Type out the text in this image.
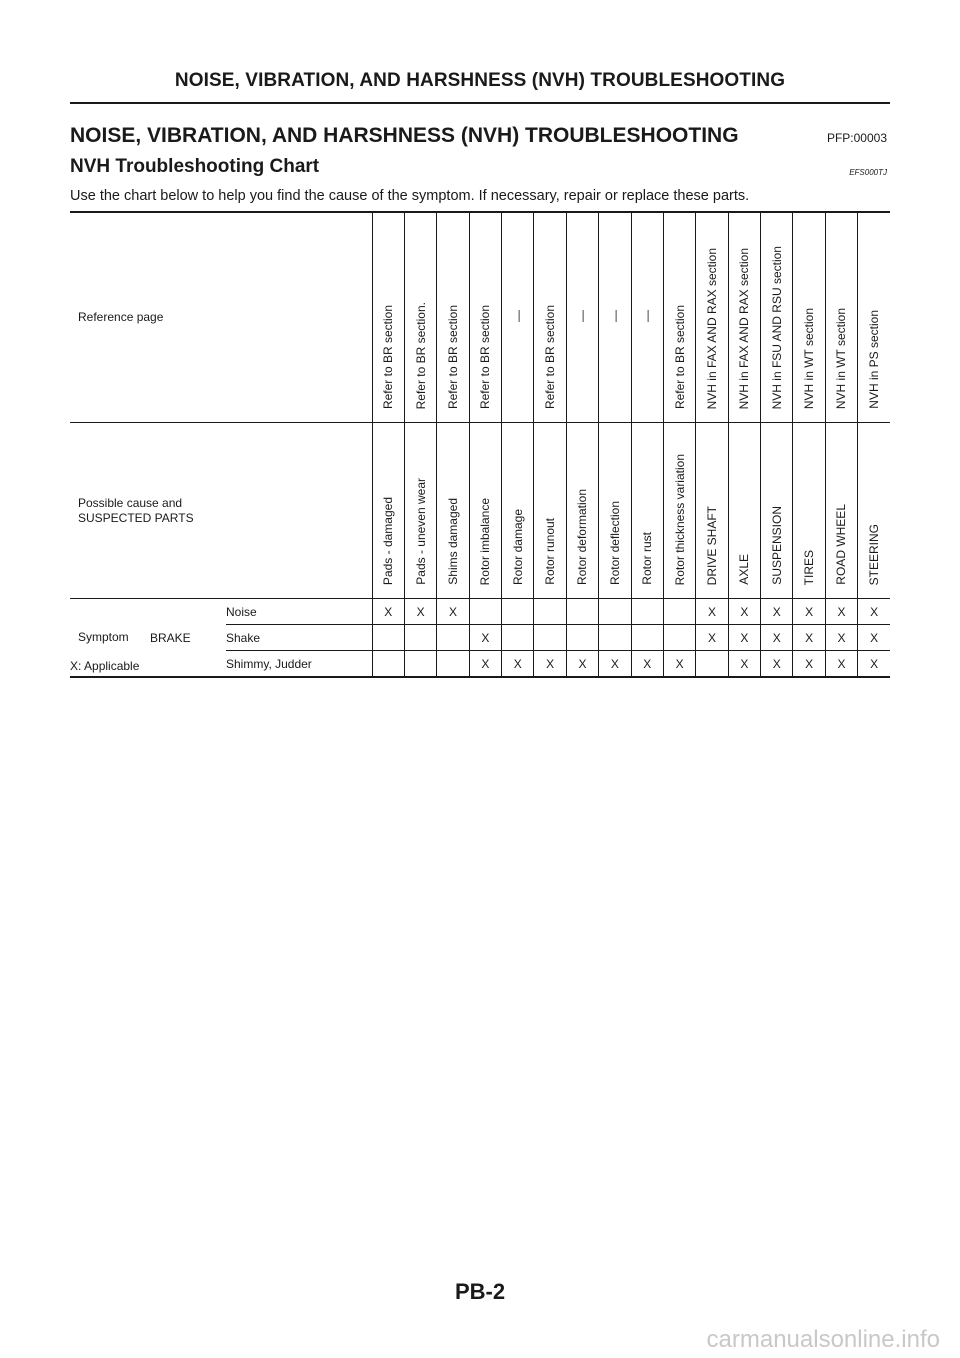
NOISE, VIBRATION, AND HARSHNESS (NVH) TROUBLESHOOTING
NOISE, VIBRATION, AND HARSHNESS (NVH) TROUBLESHOOTING	PFP:00003
NVH Troubleshooting Chart	EFS000TJ
Use the chart below to help you find the cause of the symptom. If necessary, repair or replace these parts.
Reference page			Refer to BR section	Refer to BR section.	Refer to BR section	Refer to BR section	—	Refer to BR section	—	—	—	Refer to BR section	NVH in FAX AND RAX section	NVH in FAX AND RAX section	NVH in FSU AND RSU section	NVH in WT section	NVH in WT section	NVH in PS section

Possible cause and
SUSPECTED PARTS			Pads - damaged	Pads - uneven wear	Shims damaged	Rotor imbalance	Rotor damage	Rotor runout	Rotor deformation	Rotor deflection	Rotor rust	Rotor thickness variation	DRIVE SHAFT	AXLE	SUSPENSION	TIRES	ROAD WHEEL	STEERING
Symptom	BRAKE	Noise	X	X	X								X	X	X	X	X	X
		Shake				X							X	X	X	X	X	X
		Shimmy, Judder				X	X	X	X	X	X	X		X	X	X	X	X
X: Applicable
PB-2
carmanualsonline.info
